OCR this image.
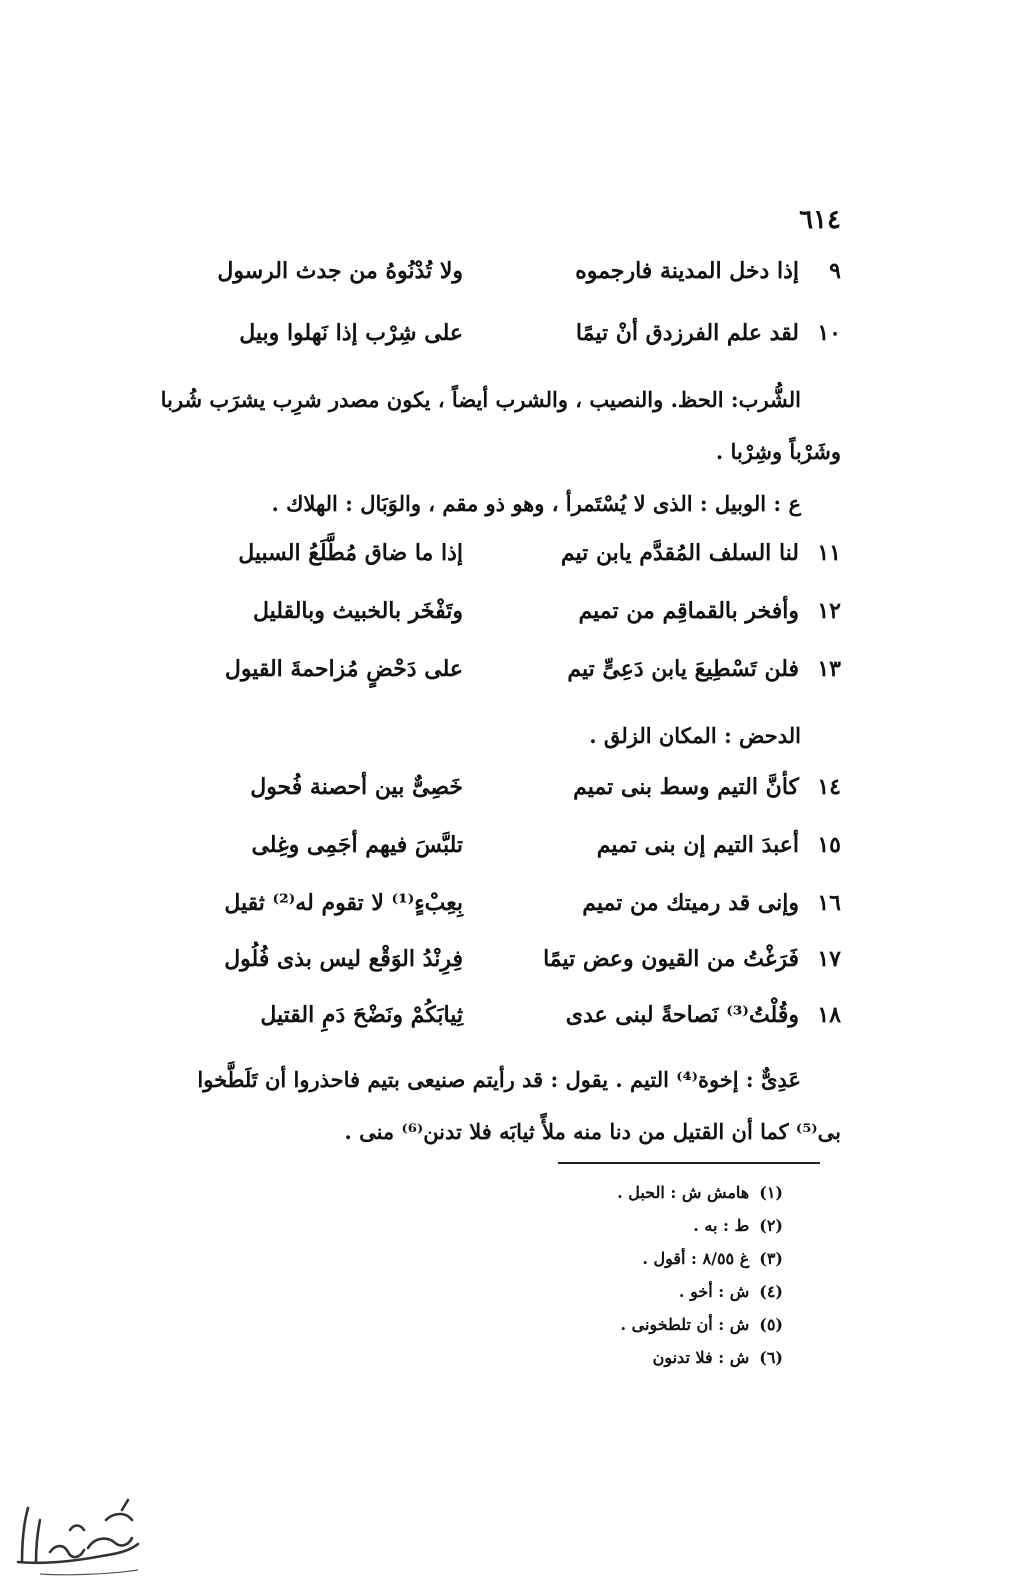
٦١٤
٩
إذا دخل المدينة فارجموه
ولا تُدْنُوهُ من جدث الرسول
١٠
لقد علم الفرزدق أنْ تيمًا
على شِرْب إذا نَهلوا وبيل
الشُّرب: الحظ. والنصيب ، والشرب أيضاً ، يكون مصدر شرِب يشرَب شُربا وشَرْباً وشِرْبا .
ع : الوبيل : الذى لا يُسْتَمرأ ، وهو ذو مقم ، والوَبَال : الهلاك .
١١
لنا السلف المُقدَّم يابن تيم
إذا ما ضاق مُطَّلَعُ السبيل
١٢
وأفخر بالقماقِم من تميم
وتَفْخَر بالخبيث وبالقليل
١٣
فلن تَسْطِيعَ يابن دَعِىٍّ تيم
على دَحْضٍ مُزاحمةَ القيول
الدحض : المكان الزلق .
١٤
كأنَّ التيم وسط بنى تميم
خَصِىٌّ بين أحصنة فُحول
١٥
أعبدَ التيم إن بنى تميم
تلبَّسَ فيهم أجَمِى وغِلى
١٦
وإنى قد رميتك من تميم
بِعِبْءٍ⁽¹⁾ لا تقوم له⁽²⁾ ثقيل
١٧
فَرَغْتُ من القيون وعض تيمًا
فِرِنْدُ الوَقْع ليس بذى فُلُول
١٨
وقُلْتُ⁽³⁾ نَصاحةً لبنى عدى
ثِيابَكُمْ ونَضْحَ دَمِ القتيل
عَدِىٌّ : إخوة⁽⁴⁾ التيم . يقول : قد رأيتم صنيعى بتيم فاحذروا أن تَلَطَّخوا بى⁽⁵⁾ كما أن القتيل من دنا منه ملأً ثيابَه فلا تدنن⁽⁶⁾ منى .
(١)هامش ش : الحبل .
(٢)ط : به .
(٣)غ ٨/٥٥ : أقول .
(٤)ش : أخو .
(٥)ش : أن تلطخونى .
(٦)ش : فلا تدنون
